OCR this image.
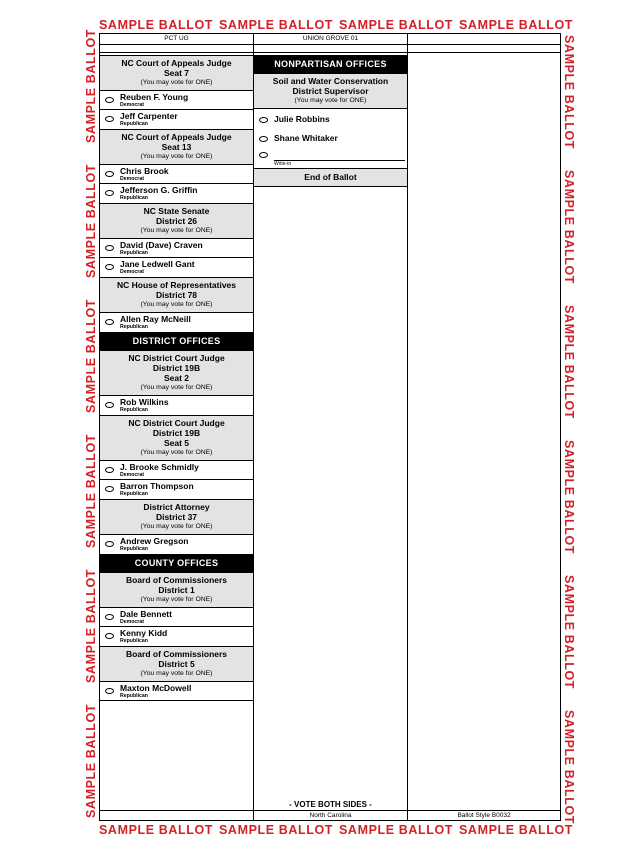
SAMPLE BALLOT SAMPLE BALLOT SAMPLE BALLOT SAMPLE BALLOT
SAMPLE BALLOT SAMPLE BALLOT SAMPLE BALLOT SAMPLE BALLOT
SAMPLE BALLOT
SAMPLE BALLOT
SAMPLE BALLOT
SAMPLE BALLOT
SAMPLE BALLOT
SAMPLE BALLOT
SAMPLE BALLOT
SAMPLE BALLOT
SAMPLE BALLOT
SAMPLE BALLOT
SAMPLE BALLOT
SAMPLE BALLOT
PCT UG	UNION GROVE 01
NC Court of Appeals Judge
Seat 7
(You may vote for ONE)
Reuben F. Young
Democrat
Jeff Carpenter
Republican
NC Court of Appeals Judge
Seat 13
(You may vote for ONE)
Chris Brook
Democrat
Jefferson G. Griffin
Republican
NC State Senate
District 26
(You may vote for ONE)
David (Dave) Craven
Republican
Jane Ledwell Gant
Democrat
NC House of Representatives
District 78
(You may vote for ONE)
Allen Ray McNeill
Republican
DISTRICT OFFICES
NC District Court Judge
District 19B
Seat 2
(You may vote for ONE)
Rob Wilkins
Republican
NC District Court Judge
District 19B
Seat 5
(You may vote for ONE)
J. Brooke Schmidly
Democrat
Barron Thompson
Republican
District Attorney
District 37
(You may vote for ONE)
Andrew Gregson
Republican
COUNTY OFFICES
Board of Commissioners
District 1
(You may vote for ONE)
Dale Bennett
Democrat
Kenny Kidd
Republican
Board of Commissioners
District 5
(You may vote for ONE)
Maxton McDowell
Republican
NONPARTISAN OFFICES
Soil and Water Conservation
District Supervisor
(You may vote for ONE)
Julie Robbins
Shane Whitaker
Write-in
End of Ballot
- VOTE BOTH SIDES -
North Carolina	Ballot Style B0032
